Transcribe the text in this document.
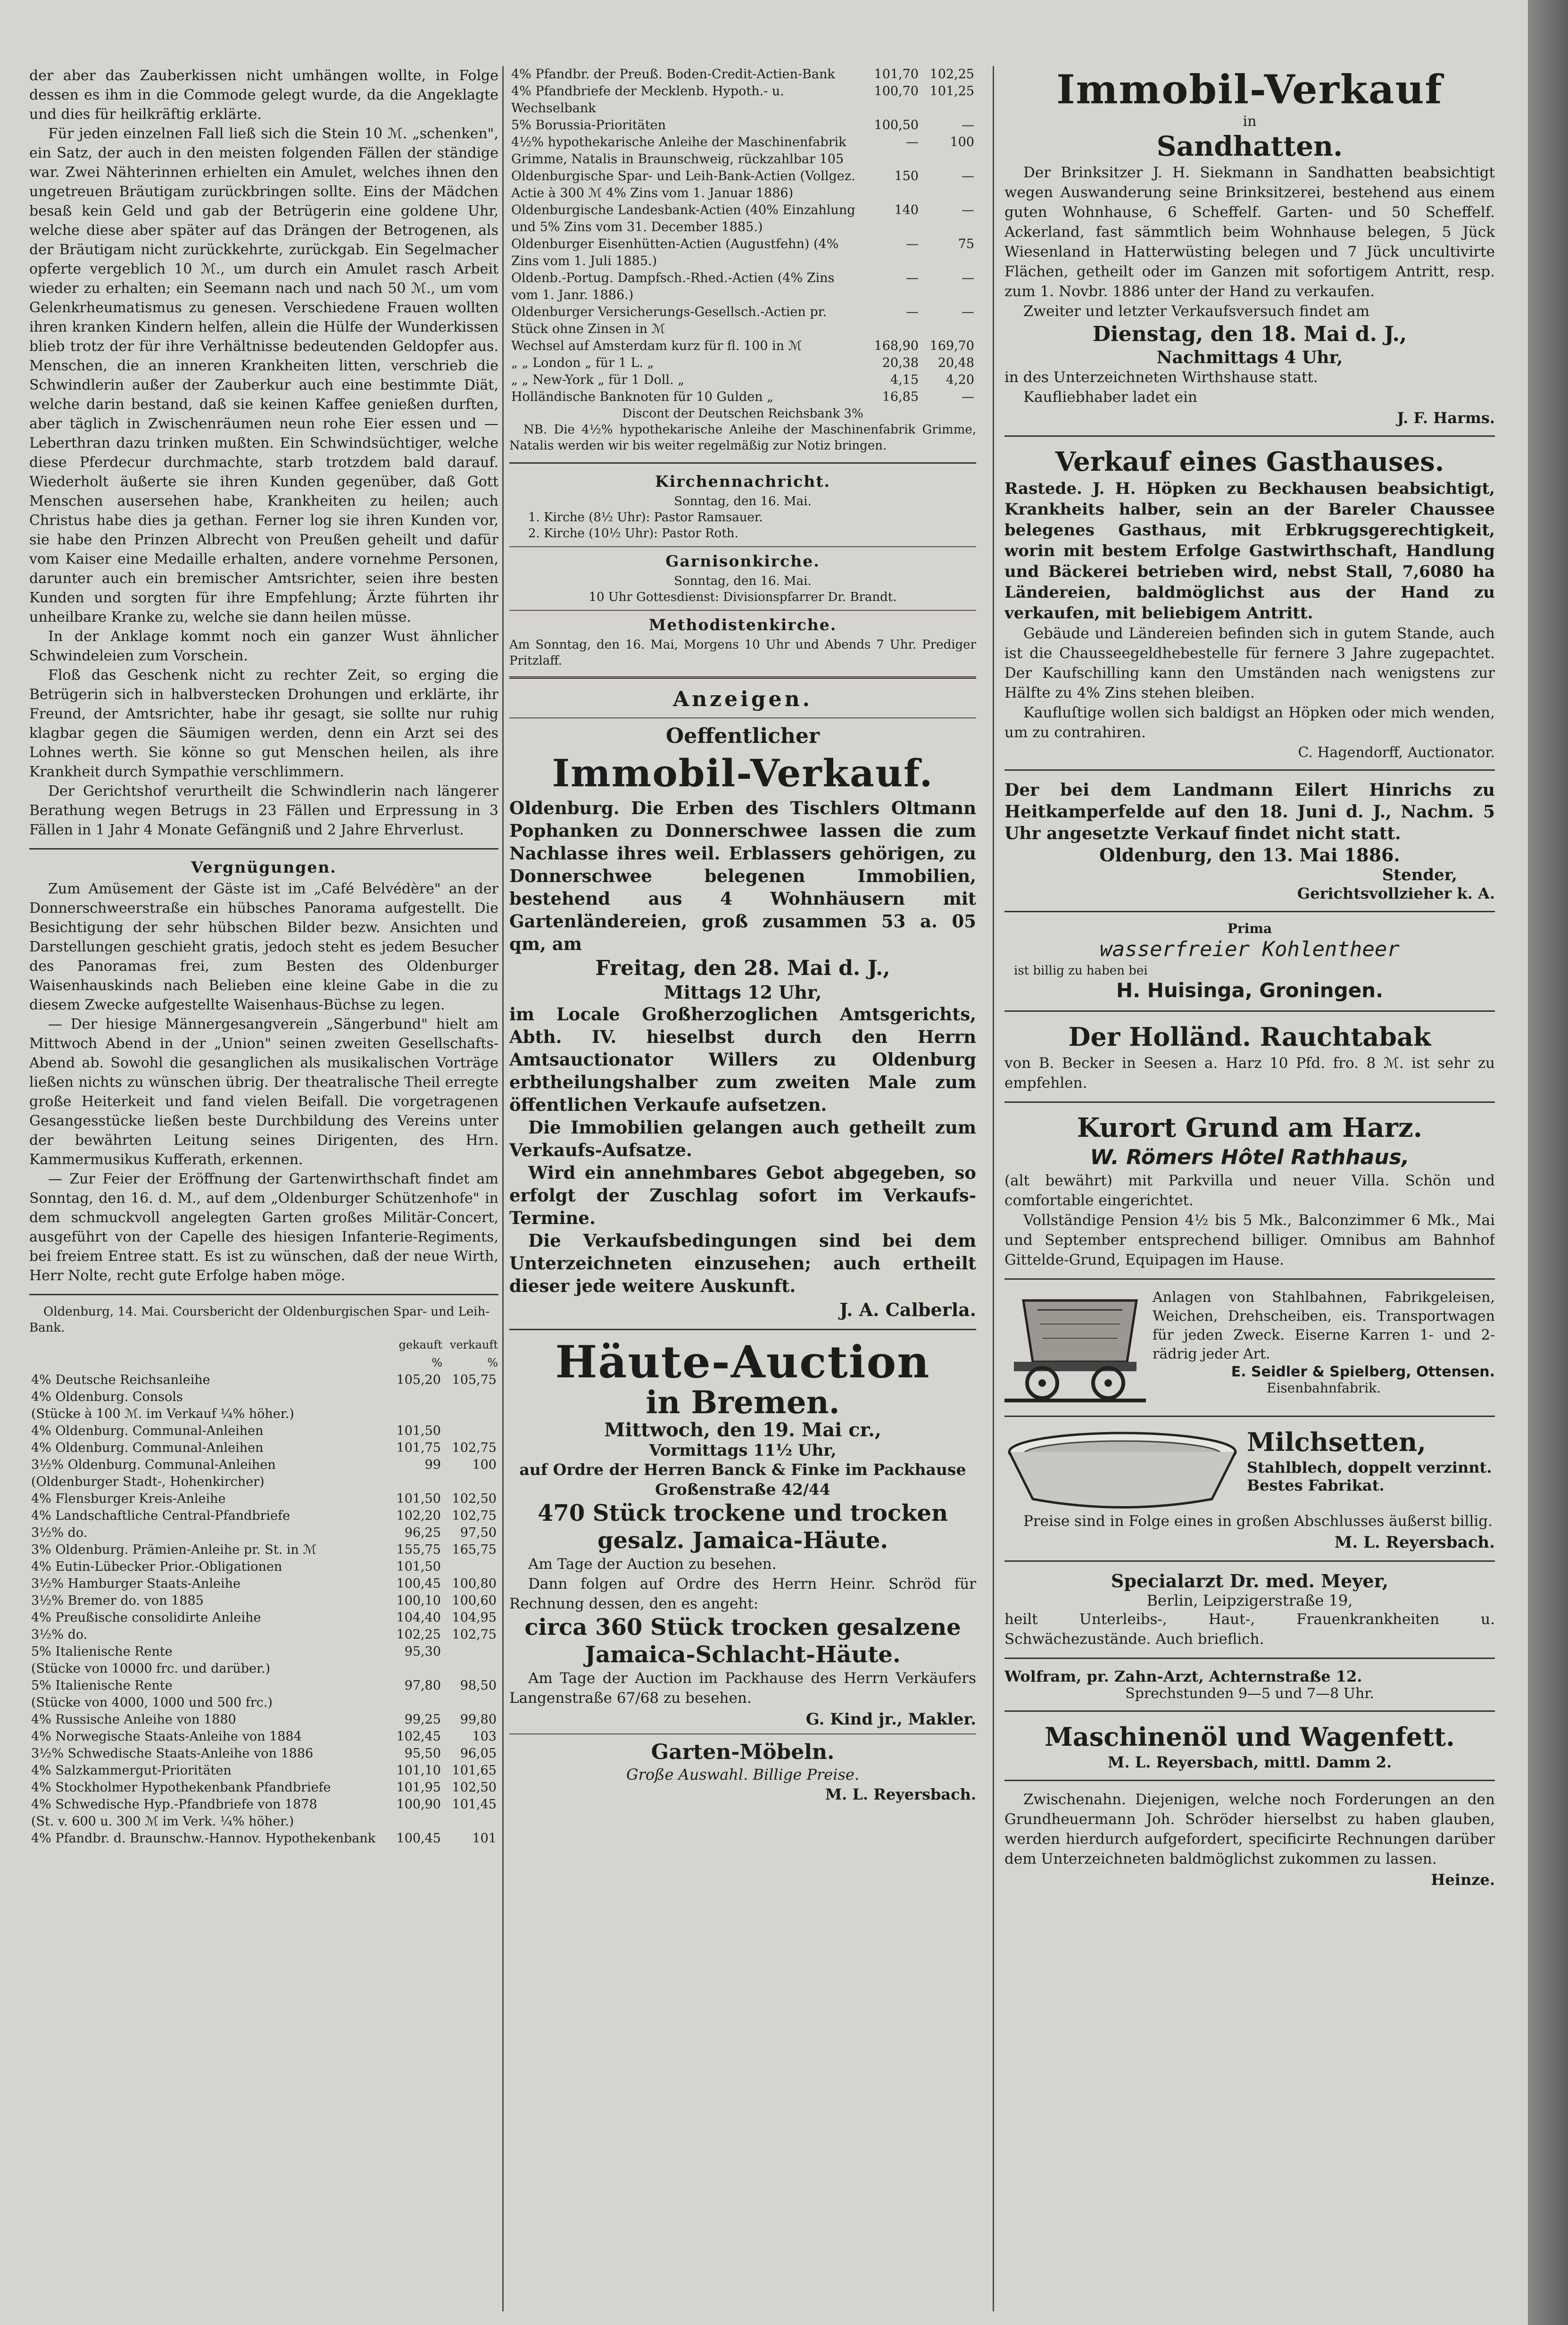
der aber das Zauberkissen nicht umhängen wollte, in Folge dessen es ihm in die Commode gelegt wurde, da die Angeklagte und dies für heilkräftig erklärte.

Für jeden einzelnen Fall ließ sich die Stein 10 ℳ. „schenken", ein Satz, der auch in den meisten folgenden Fällen der ständige war. Zwei Nähterinnen erhielten ein Amulet, welches ihnen den ungetreuen Bräutigam zurückbringen sollte. Eins der Mädchen besaß kein Geld und gab der Betrügerin eine goldene Uhr, welche diese aber später auf das Drängen der Betrogenen, als der Bräutigam nicht zurückkehrte, zurückgab. Ein Segelmacher opferte vergeblich 10 ℳ., um durch ein Amulet rasch Arbeit wieder zu erhalten; ein Seemann nach und nach 50 ℳ., um vom Gelenkrheumatismus zu genesen. Verschiedene Frauen wollten ihren kranken Kindern helfen, allein die Hülfe der Wunderkissen blieb trotz der für ihre Verhältnisse bedeutenden Geldopfer aus. Menschen, die an inneren Krankheiten litten, verschrieb die Schwindlerin außer der Zauberkur auch eine bestimmte Diät, welche darin bestand, daß sie keinen Kaffee genießen durften, aber täglich in Zwischenräumen neun rohe Eier essen und — Leberthran dazu trinken mußten. Ein Schwindsüchtiger, welche diese Pferdecur durchmachte, starb trotzdem bald darauf. Wiederholt äußerte sie ihren Kunden gegenüber, daß Gott Menschen ausersehen habe, Krankheiten zu heilen; auch Christus habe dies ja gethan. Ferner log sie ihren Kunden vor, sie habe den Prinzen Albrecht von Preußen geheilt und dafür vom Kaiser eine Medaille erhalten, andere vornehme Personen, darunter auch ein bremischer Amtsrichter, seien ihre besten Kunden und sorgten für ihre Empfehlung; Ärzte führten ihr unheilbare Kranke zu, welche sie dann heilen müsse.

In der Anklage kommt noch ein ganzer Wust ähnlicher Schwindeleien zum Vorschein.

Floß das Geschenk nicht zu rechter Zeit, so erging die Betrügerin sich in halbverstecken Drohungen und erklärte, ihr Freund, der Amtsrichter, habe ihr gesagt, sie sollte nur ruhig klagbar gegen die Säumigen werden, denn ein Arzt sei des Lohnes werth. Sie könne so gut Menschen heilen, als ihre Krankheit durch Sympathie verschlimmern.

Der Gerichtshof verurtheilt die Schwindlerin nach längerer Berathung wegen Betrugs in 23 Fällen und Erpressung in 3 Fällen in 1 Jahr 4 Monate Gefängniß und 2 Jahre Ehrverlust.

Vergnügungen.

Zum Amüsement der Gäste ist im „Café Belvédère" an der Donnerschweerstraße ein hübsches Panorama aufgestellt. Die Besichtigung der sehr hübschen Bilder bezw. Ansichten und Darstellungen geschieht gratis, jedoch steht es jedem Besucher des Panoramas frei, zum Besten des Oldenburger Waisenhauskinds nach Belieben eine kleine Gabe in die zu diesem Zwecke aufgestellte Waisenhaus-Büchse zu legen.

— Der hiesige Männergesangverein „Sängerbund" hielt am Mittwoch Abend in der „Union" seinen zweiten Gesellschafts-Abend ab. Sowohl die gesanglichen als musikalischen Vorträge ließen nichts zu wünschen übrig. Der theatralische Theil erregte große Heiterkeit und fand vielen Beifall. Die vorgetragenen Gesangesstücke ließen beste Durchbildung des Vereins unter der bewährten Leitung seines Dirigenten, des Hrn. Kammermusikus Kufferath, erkennen.

— Zur Feier der Eröffnung der Gartenwirthschaft findet am Sonntag, den 16. d. M., auf dem „Oldenburger Schützenhofe" in dem schmuckvoll angelegten Garten großes Militär-Concert, ausgeführt von der Capelle des hiesigen Infanterie-Regiments, bei freiem Entree statt. Es ist zu wünschen, daß der neue Wirth, Herr Nolte, recht gute Erfolge haben möge.

Oldenburg, 14. Mai. Coursbericht der Oldenburgischen Spar- und Leih-Bank.
	gekauft	verkauft
	%	%
4% Deutsche Reichsanleihe	105,20	105,75
4% Oldenburg. Consols		
(Stücke à 100 ℳ. im Verkauf ¼% höher.)		
4% Oldenburg. Communal-Anleihen	101,50	
4% Oldenburg. Communal-Anleihen	101,75	102,75
3½% Oldenburg. Communal-Anleihen	99	100
(Oldenburger Stadt-, Hohenkircher)		
4% Flensburger Kreis-Anleihe	101,50	102,50
4% Landschaftliche Central-Pfandbriefe	102,20	102,75
3½% do.	96,25	97,50
3% Oldenburg. Prämien-Anleihe pr. St. in ℳ	155,75	165,75
4% Eutin-Lübecker Prior.-Obligationen	101,50	
3½% Hamburger Staats-Anleihe	100,45	100,80
3½% Bremer do. von 1885	100,10	100,60
4% Preußische consolidirte Anleihe	104,40	104,95
3½% do.	102,25	102,75
5% Italienische Rente	95,30	
(Stücke von 10000 frc. und darüber.)		
5% Italienische Rente	97,80	98,50
(Stücke von 4000, 1000 und 500 frc.)		
4% Russische Anleihe von 1880	99,25	99,80
4% Norwegische Staats-Anleihe von 1884	102,45	103
3½% Schwedische Staats-Anleihe von 1886	95,50	96,05
4% Salzkammergut-Prioritäten	101,10	101,65
4% Stockholmer Hypothekenbank Pfandbriefe	101,95	102,50
4% Schwedische Hyp.-Pfandbriefe von 1878	100,90	101,45
(St. v. 600 u. 300 ℳ im Verk. ¼% höher.)		
4% Pfandbr. d. Braunschw.-Hannov. Hypothekenbank	100,45	101
4% Pfandbr. der Preuß. Boden-Credit-Actien-Bank	101,70	102,25
4% Pfandbriefe der Mecklenb. Hypoth.- u. Wechselbank	100,70	101,25
5% Borussia-Prioritäten	100,50	—
4½% hypothekarische Anleihe der Maschinenfabrik Grimme, Natalis in Braunschweig, rückzahlbar 105	—	100
Oldenburgische Spar- und Leih-Bank-Actien (Vollgez. Actie à 300 ℳ 4% Zins vom 1. Januar 1886)	150	—
Oldenburgische Landesbank-Actien (40% Einzahlung und 5% Zins vom 31. December 1885.)	140	—
Oldenburger Eisenhütten-Actien (Augustfehn) (4% Zins vom 1. Juli 1885.)	—	75
Oldenb.-Portug. Dampfsch.-Rhed.-Actien (4% Zins vom 1. Janr. 1886.)	—	—
Oldenburger Versicherungs-Gesellsch.-Actien pr. Stück ohne Zinsen in ℳ	—	—
Wechsel auf Amsterdam kurz für fl. 100 in ℳ	168,90	169,70
„ „ London „ für 1 L. „	20,38	20,48
„ „ New-York „ für 1 Doll. „	4,15	4,20
Holländische Banknoten für 10 Gulden „	16,85	—
Discont der Deutschen Reichsbank 3%
NB. Die 4½% hypothekarische Anleihe der Maschinenfabrik Grimme, Natalis werden wir bis weiter regelmäßig zur Notiz bringen.
Kirchennachricht.
Sonntag, den 16. Mai.
1. Kirche (8½ Uhr): Pastor Ramsauer.
2. Kirche (10½ Uhr): Pastor Roth.
Garnisonkirche.
Sonntag, den 16. Mai.
10 Uhr Gottesdienst: Divisionspfarrer Dr. Brandt.
Methodistenkirche.
Am Sonntag, den 16. Mai, Morgens 10 Uhr und Abends 7 Uhr. Prediger Pritzlaff.
Anzeigen.
Oeffentlicher
Immobil-Verkauf.

Oldenburg. Die Erben des Tischlers Oltmann Pophanken zu Donnerschwee lassen die zum Nachlasse ihres weil. Erblassers gehörigen, zu Donnerschwee belegenen Immobilien, bestehend aus 4 Wohnhäusern mit Gartenländereien, groß zusammen 53 a. 05 qm, am

Freitag, den 28. Mai d. J.,
Mittags 12 Uhr,

im Locale Großherzoglichen Amtsgerichts, Abth. IV. hieselbst durch den Herrn Amtsauctionator Willers zu Oldenburg erbtheilungshalber zum zweiten Male zum öffentlichen Verkaufe aufsetzen.

Die Immobilien gelangen auch getheilt zum Verkaufs-Aufsatze.

Wird ein annehmbares Gebot abgegeben, so erfolgt der Zuschlag sofort im Verkaufs-Termine.

Die Verkaufsbedingungen sind bei dem Unterzeichneten einzusehen; auch ertheilt dieser jede weitere Auskunft.

J. A. Calberla.
Häute-Auction
in Bremen.
Mittwoch, den 19. Mai cr.,
Vormittags 11½ Uhr,

auf Ordre der Herren Banck & Finke im Packhause Großenstraße 42/44

470 Stück trockene und trocken gesalz. Jamaica-Häute.

Am Tage der Auction zu besehen.

Dann folgen auf Ordre des Herrn Heinr. Schröd für Rechnung dessen, den es angeht:

circa 360 Stück trocken gesalzene Jamaica-Schlacht-Häute.

Am Tage der Auction im Packhause des Herrn Verkäufers Langenstraße 67/68 zu besehen.

G. Kind jr., Makler.
Garten-Möbeln.
Große Auswahl. Billige Preise.
M. L. Reyersbach.
Immobil-Verkauf
in
Sandhatten.

Der Brinksitzer J. H. Siekmann in Sandhatten beabsichtigt wegen Auswanderung seine Brinksitzerei, bestehend aus einem guten Wohnhause, 6 Scheffelf. Garten- und 50 Scheffelf. Ackerland, fast sämmtlich beim Wohnhause belegen, 5 Jück Wiesenland in Hatterwüsting belegen und 7 Jück uncultivirte Flächen, getheilt oder im Ganzen mit sofortigem Antritt, resp. zum 1. Novbr. 1886 unter der Hand zu verkaufen.

Zweiter und letzter Verkaufsversuch findet am

Dienstag, den 18. Mai d. J.,
Nachmittags 4 Uhr,

in des Unterzeichneten Wirthshause statt.

Kaufliebhaber ladet ein

J. F. Harms.
Verkauf eines Gasthauses.

Rastede. J. H. Höpken zu Beckhausen beabsichtigt, Krankheits halber, sein an der Bareler Chaussee belegenes Gasthaus, mit Erbkrugsgerechtigkeit, worin mit bestem Erfolge Gastwirthschaft, Handlung und Bäckerei betrieben wird, nebst Stall, 7,6080 ha Ländereien, baldmöglichst aus der Hand zu verkaufen, mit beliebigem Antritt.

Gebäude und Ländereien befinden sich in gutem Stande, auch ist die Chausseegeldhebestelle für fernere 3 Jahre zugepachtet. Der Kaufschilling kann den Umständen nach wenigstens zur Hälfte zu 4% Zins stehen bleiben.

Kaufluſtige wollen sich baldigst an Höpken oder mich wenden, um zu contrahiren.

C. Hagendorff, Auctionator.

Der bei dem Landmann Eilert Hinrichs zu Heitkamperfelde auf den 18. Juni d. J., Nachm. 5 Uhr angesetzte Verkauf findet nicht statt.

Oldenburg, den 13. Mai 1886.
Stender,
Gerichtsvollzieher k. A.
Prima
wasserfreier Kohlentheer
ist billig zu haben bei
H. Huisinga, Groningen.
Der Holländ. Rauchtabak

von B. Becker in Seesen a. Harz 10 Pfd. fro. 8 ℳ. ist sehr zu empfehlen.

Kurort Grund am Harz.
W. Römers Hôtel Rathhaus,

(alt bewährt) mit Parkvilla und neuer Villa. Schön und comfortable eingerichtet.

Vollständige Pension 4½ bis 5 Mk., Balconzimmer 6 Mk., Mai und September entsprechend billiger. Omnibus am Bahnhof Gittelde-Grund, Equipagen im Hause.

Anlagen von Stahlbahnen, Fabrikgeleisen, Weichen, Drehscheiben, eis. Transportwagen für jeden Zweck. Eiserne Karren 1- und 2-rädrig jeder Art.

E. Seidler & Spielberg, Ottensen.
Eisenbahnfabrik.
Milchsetten,
Stahlblech, doppelt verzinnt.
Bestes Fabrikat.

Preise sind in Folge eines in großen Abschlusses äußerst billig.

M. L. Reyersbach.
Specialarzt Dr. med. Meyer,
Berlin, Leipzigerstraße 19,

heilt Unterleibs-, Haut-, Frauenkrankheiten u. Schwächezustände. Auch brieflich.

Wolfram, pr. Zahn-Arzt, Achternstraße 12.
Sprechstunden 9—5 und 7—8 Uhr.
Maschinenöl und Wagenfett.
M. L. Reyersbach, mittl. Damm 2.

Zwischenahn. Diejenigen, welche noch Forderungen an den Grundheuermann Joh. Schröder hierselbst zu haben glauben, werden hierdurch aufgefordert, specificirte Rechnungen darüber dem Unterzeichneten baldmöglichst zukommen zu lassen.

Heinze.
